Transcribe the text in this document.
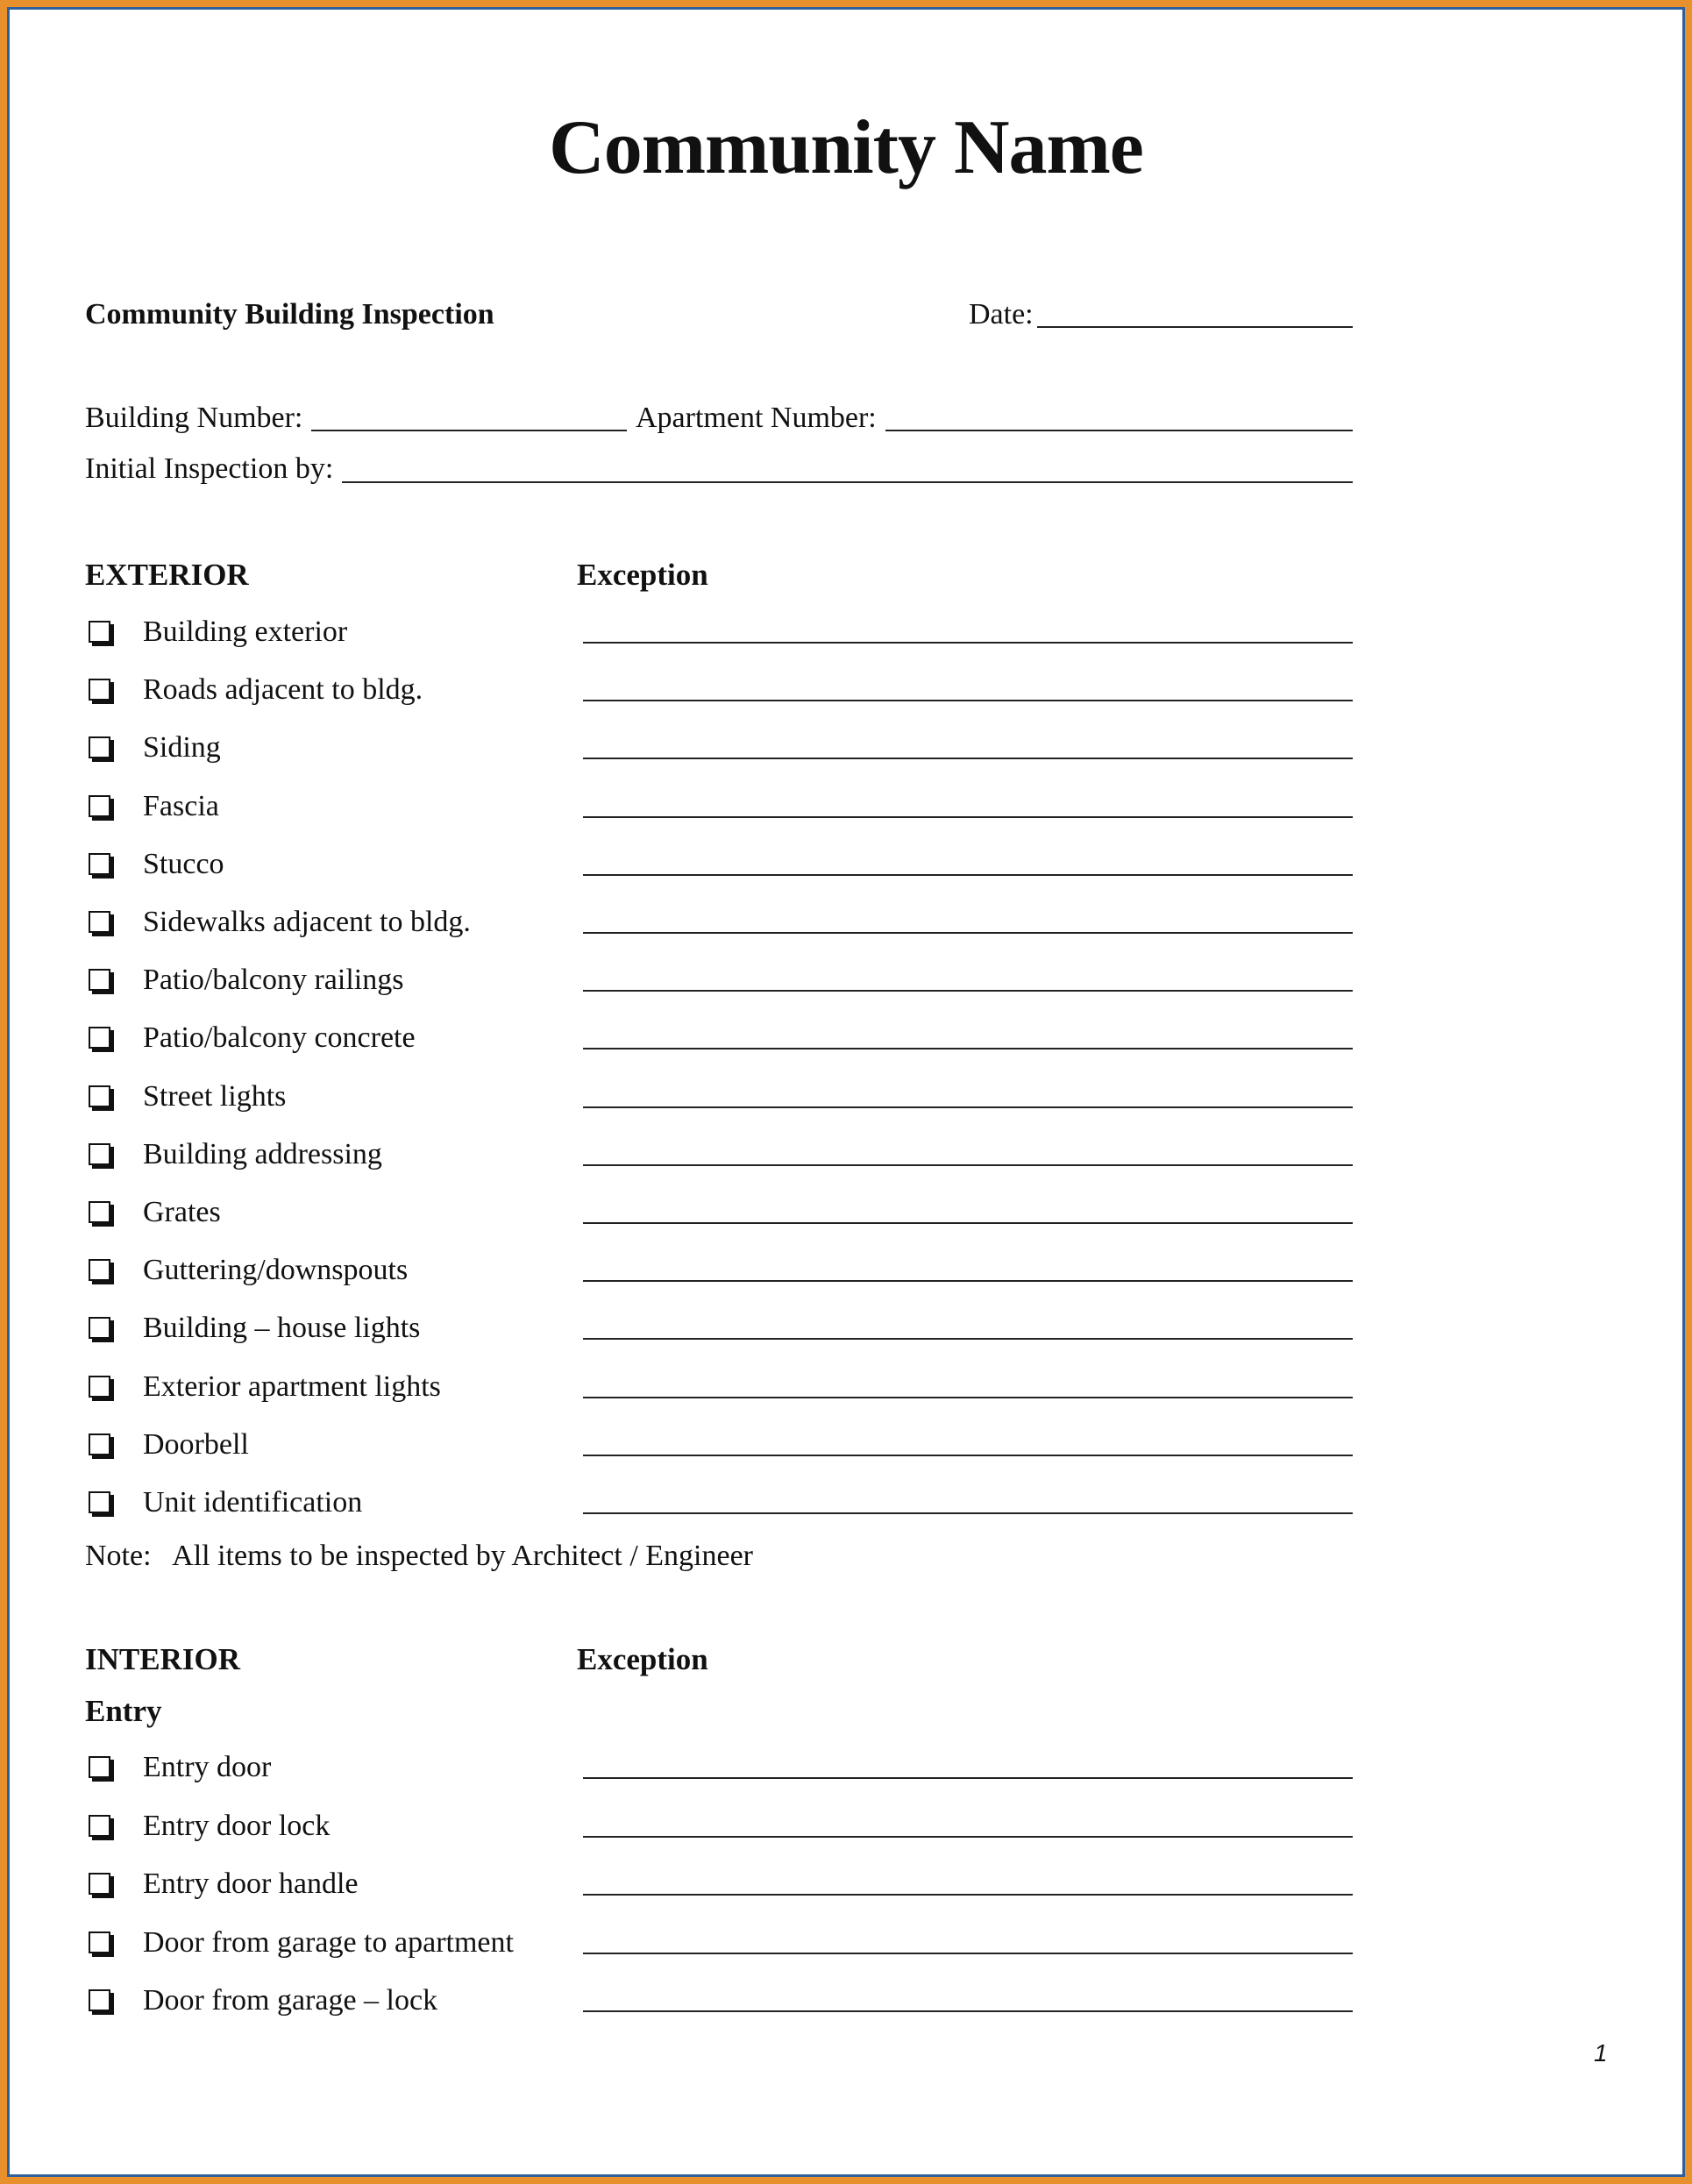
Community Name
Community Building Inspection	Date:
Building Number:	Apartment Number:
Initial Inspection by:
EXTERIOR	Exception
Building exterior
Roads adjacent to bldg.
Siding
Fascia
Stucco
Sidewalks adjacent to bldg.
Patio/balcony railings
Patio/balcony concrete
Street lights
Building addressing
Grates
Guttering/downspouts
Building – house lights
Exterior apartment lights
Doorbell
Unit identification
Note:   All items to be inspected by Architect / Engineer
INTERIOR	Exception
Entry
Entry door
Entry door lock
Entry door handle
Door from garage to apartment
Door from garage – lock
1
